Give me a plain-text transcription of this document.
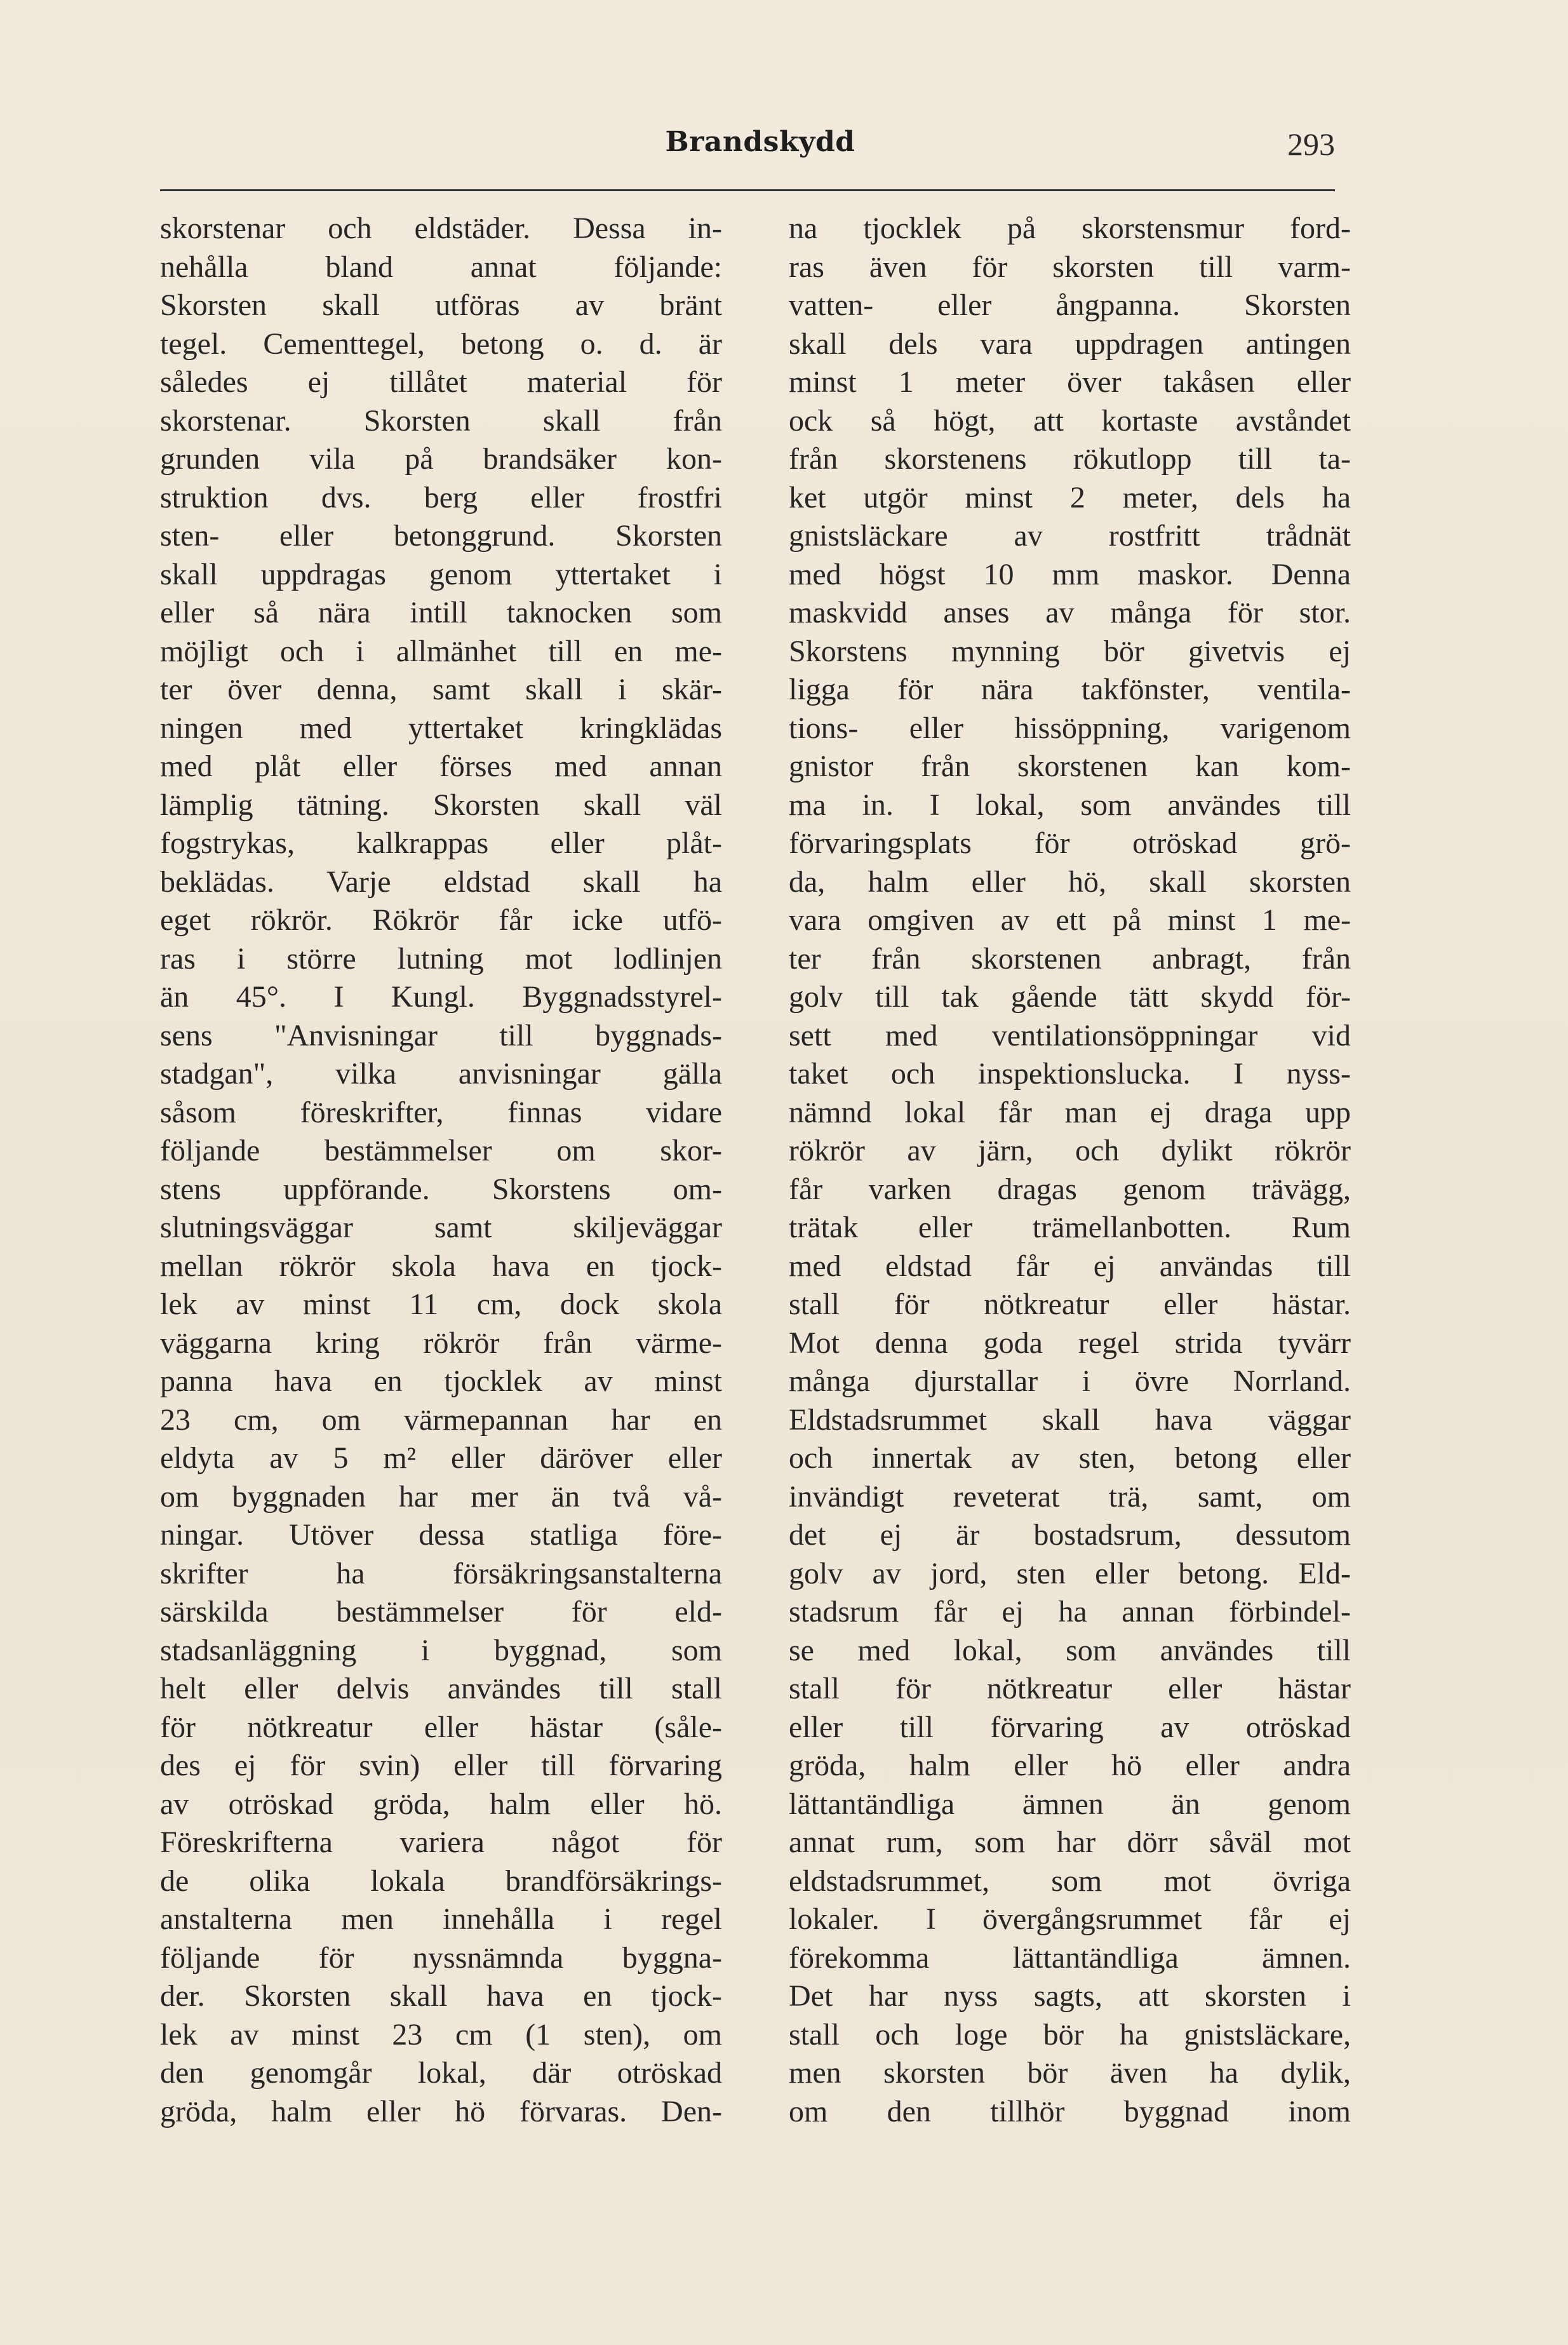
Brandskydd	293
skorstenar och eldstäder. Dessa in-
nehålla bland annat följande:
Skorsten skall utföras av bränt
tegel. Cementtegel, betong o. d. är
således ej tillåtet material för
skorstenar. Skorsten skall från
grunden vila på brandsäker kon-
struktion dvs. berg eller frostfri
sten- eller betonggrund. Skorsten
skall uppdragas genom yttertaket i
eller så nära intill taknocken som
möjligt och i allmänhet till en me-
ter över denna, samt skall i skär-
ningen med yttertaket kringklädas
med plåt eller förses med annan
lämplig tätning. Skorsten skall väl
fogstrykas, kalkrappas eller plåt-
beklädas. Varje eldstad skall ha
eget rökrör. Rökrör får icke utfö-
ras i större lutning mot lodlinjen
än 45°. I Kungl. Byggnadsstyrel-
sens "Anvisningar till byggnads-
stadgan", vilka anvisningar gälla
såsom föreskrifter, finnas vidare
följande bestämmelser om skor-
stens uppförande. Skorstens om-
slutningsväggar samt skiljeväggar
mellan rökrör skola hava en tjock-
lek av minst 11 cm, dock skola
väggarna kring rökrör från värme-
panna hava en tjocklek av minst
23 cm, om värmepannan har en
eldyta av 5 m² eller däröver eller
om byggnaden har mer än två vå-
ningar. Utöver dessa statliga före-
skrifter ha försäkringsanstalterna
särskilda bestämmelser för eld-
stadsanläggning i byggnad, som
helt eller delvis användes till stall
för nötkreatur eller hästar (såle-
des ej för svin) eller till förvaring
av otröskad gröda, halm eller hö.
Föreskrifterna variera något för
de olika lokala brandförsäkrings-
anstalterna men innehålla i regel
följande för nyssnämnda byggna-
der. Skorsten skall hava en tjock-
lek av minst 23 cm (1 sten), om
den genomgår lokal, där otröskad
gröda, halm eller hö förvaras. Den-
na tjocklek på skorstensmur ford-
ras även för skorsten till varm-
vatten- eller ångpanna. Skorsten
skall dels vara uppdragen antingen
minst 1 meter över takåsen eller
ock så högt, att kortaste avståndet
från skorstenens rökutlopp till ta-
ket utgör minst 2 meter, dels ha
gnistsläckare av rostfritt trådnät
med högst 10 mm maskor. Denna
maskvidd anses av många för stor.
Skorstens mynning bör givetvis ej
ligga för nära takfönster, ventila-
tions- eller hissöppning, varigenom
gnistor från skorstenen kan kom-
ma in. I lokal, som användes till
förvaringsplats för otröskad grö-
da, halm eller hö, skall skorsten
vara omgiven av ett på minst 1 me-
ter från skorstenen anbragt, från
golv till tak gående tätt skydd för-
sett med ventilationsöppningar vid
taket och inspektionslucka. I nyss-
nämnd lokal får man ej draga upp
rökrör av järn, och dylikt rökrör
får varken dragas genom trävägg,
trätak eller trämellanbotten. Rum
med eldstad får ej användas till
stall för nötkreatur eller hästar.
Mot denna goda regel strida tyvärr
många djurstallar i övre Norrland.
Eldstadsrummet skall hava väggar
och innertak av sten, betong eller
invändigt reveterat trä, samt, om
det ej är bostadsrum, dessutom
golv av jord, sten eller betong. Eld-
stadsrum får ej ha annan förbindel-
se med lokal, som användes till
stall för nötkreatur eller hästar
eller till förvaring av otröskad
gröda, halm eller hö eller andra
lättantändliga ämnen än genom
annat rum, som har dörr såväl mot
eldstadsrummet, som mot övriga
lokaler. I övergångsrummet får ej
förekomma lättantändliga ämnen.
Det har nyss sagts, att skorsten i
stall och loge bör ha gnistsläckare,
men skorsten bör även ha dylik,
om den tillhör byggnad inom
